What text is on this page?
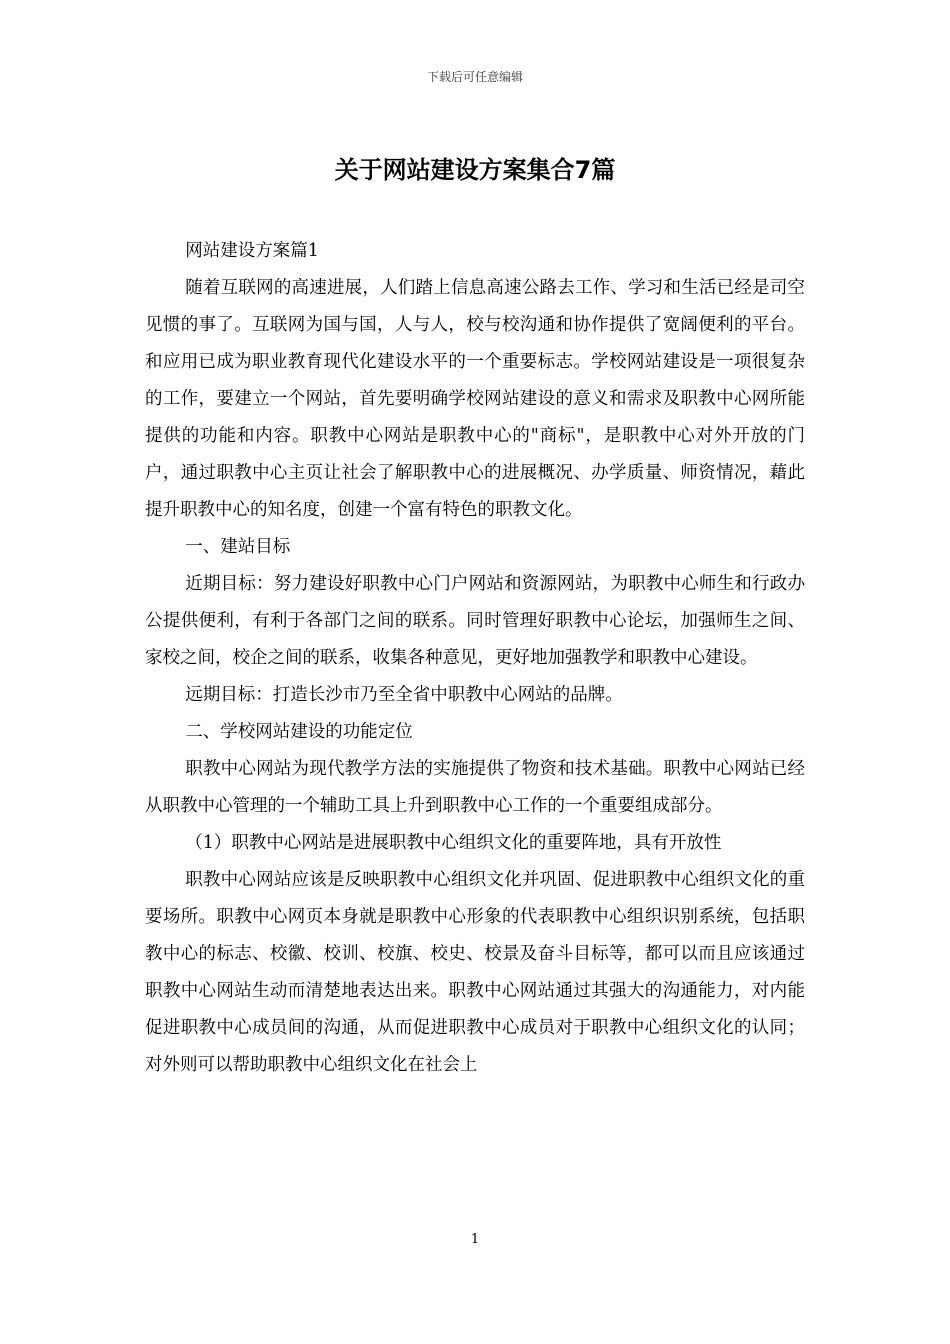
下载后可任意编辑
关于网站建设方案集合7篇

网站建设方案篇1

随着互联网的高速进展，人们踏上信息高速公路去工作、学习和生活已经是司空见惯的事了。互联网为国与国，人与人，校与校沟通和协作提供了宽阔便利的平台。和应用已成为职业教育现代化建设水平的一个重要标志。学校网站建设是一项很复杂的工作，要建立一个网站，首先要明确学校网站建设的意义和需求及职教中心网所能提供的功能和内容。职教中心网站是职教中心的"商标"，是职教中心对外开放的门户，通过职教中心主页让社会了解职教中心的进展概况、办学质量、师资情况，藉此提升职教中心的知名度，创建一个富有特色的职教文化。

一、建站目标

近期目标：努力建设好职教中心门户网站和资源网站，为职教中心师生和行政办公提供便利，有利于各部门之间的联系。同时管理好职教中心论坛，加强师生之间、家校之间，校企之间的联系，收集各种意见，更好地加强教学和职教中心建设。

远期目标：打造长沙市乃至全省中职教中心网站的品牌。

二、学校网站建设的功能定位

职教中心网站为现代教学方法的实施提供了物资和技术基础。职教中心网站已经从职教中心管理的一个辅助工具上升到职教中心工作的一个重要组成部分。

（1）职教中心网站是进展职教中心组织文化的重要阵地，具有开放性

职教中心网站应该是反映职教中心组织文化并巩固、促进职教中心组织文化的重要场所。职教中心网页本身就是职教中心形象的代表职教中心组织识别系统，包括职教中心的标志、校徽、校训、校旗、校史、校景及奋斗目标等，都可以而且应该通过职教中心网站生动而清楚地表达出来。职教中心网站通过其强大的沟通能力，对内能促进职教中心成员间的沟通，从而促进职教中心成员对于职教中心组织文化的认同；对外则可以帮助职教中心组织文化在社会上

1
